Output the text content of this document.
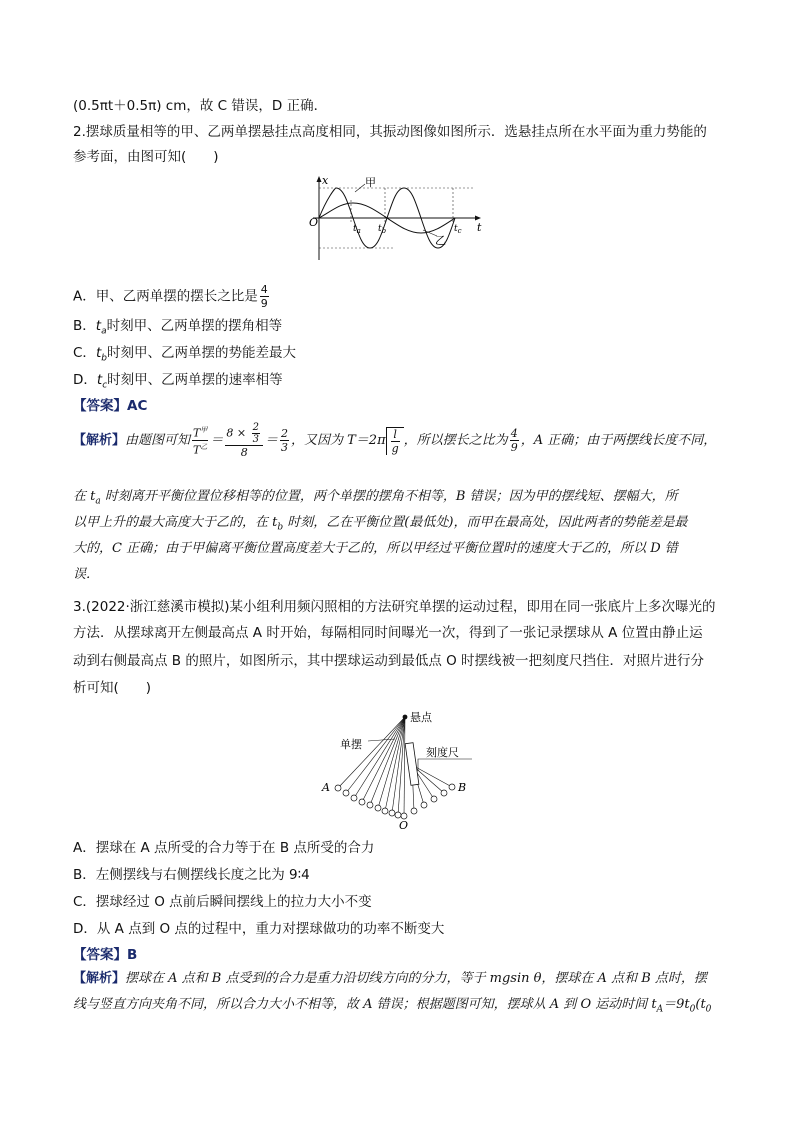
(0.5πt＋0.5π) cm，故 C 错误，D 正确．
2.摆球质量相等的甲、乙两单摆悬挂点高度相同，其振动图像如图所示．选悬挂点所在水平面为重力势能的
参考面，由图可知(　　)
x
t
O	$t_a$ $t_b$	$t_c$
甲
乙
A．甲、乙两单摆的摆长之比是 $\frac{4}{9}$
B．$t_a$时刻甲、乙两单摆的摆角相等
C．$t_b$时刻甲、乙两单摆的势能差最大
D．$t_c$时刻甲、乙两单摆的速率相等
【答案】AC
【解析】由题图可知 $\frac{T^甲}{T^乙} = \frac{8 \times \frac{2}{3}}{8} = \frac{2}{3}$ ，又因为 $T=2\pi \frac{l}{g}$ ，所以摆长之比为 $\frac{4}{9}$ ，A 正确；由于两摆线长度不同，
在 $t_a$ 时刻离开平衡位置位移相等的位置，两个单摆的摆角不相等，B 错误；因为甲的摆线短、摆幅大，所
以甲上升的最大高度大于乙的，在 $t_b$ 时刻，乙在平衡位置(最低处)，而甲在最高处，因此两者的势能差是最
大的，C 正确；由于甲偏离平衡位置高度差大于乙的，所以甲经过平衡位置时的速度大于乙的，所以 D 错
误．
3.(2022·浙江慈溪市模拟)某小组利用频闪照相的方法研究单摆的运动过程，即用在同一张底片上多次曝光的
方法．从摆球离开左侧最高点 A 时开始，每隔相同时间曝光一次，得到了一张记录摆球从 A 位置由静止运
动到右侧最高点 B 的照片，如图所示，其中摆球运动到最低点 O 时摆线被一把刻度尺挡住．对照片进行分
析可知(　　)
悬点
单摆
刻度尺
A	B
O
A．摆球在 A 点所受的合力等于在 B 点所受的合力
B．左侧摆线与右侧摆线长度之比为 9∶4
C．摆球经过 O 点前后瞬间摆线上的拉力大小不变
D．从 A 点到 O 点的过程中，重力对摆球做功的功率不断变大
【答案】B
【解析】摆球在 A 点和 B 点受到的合力是重力沿切线方向的分力，等于 mgsin θ，摆球在 A 点和 B 点时，摆
线与竖直方向夹角不同，所以合力大小不相等，故 A 错误；根据题图可知，摆球从 A 到 O 运动时间 $t_A=9t_0(t_0$
